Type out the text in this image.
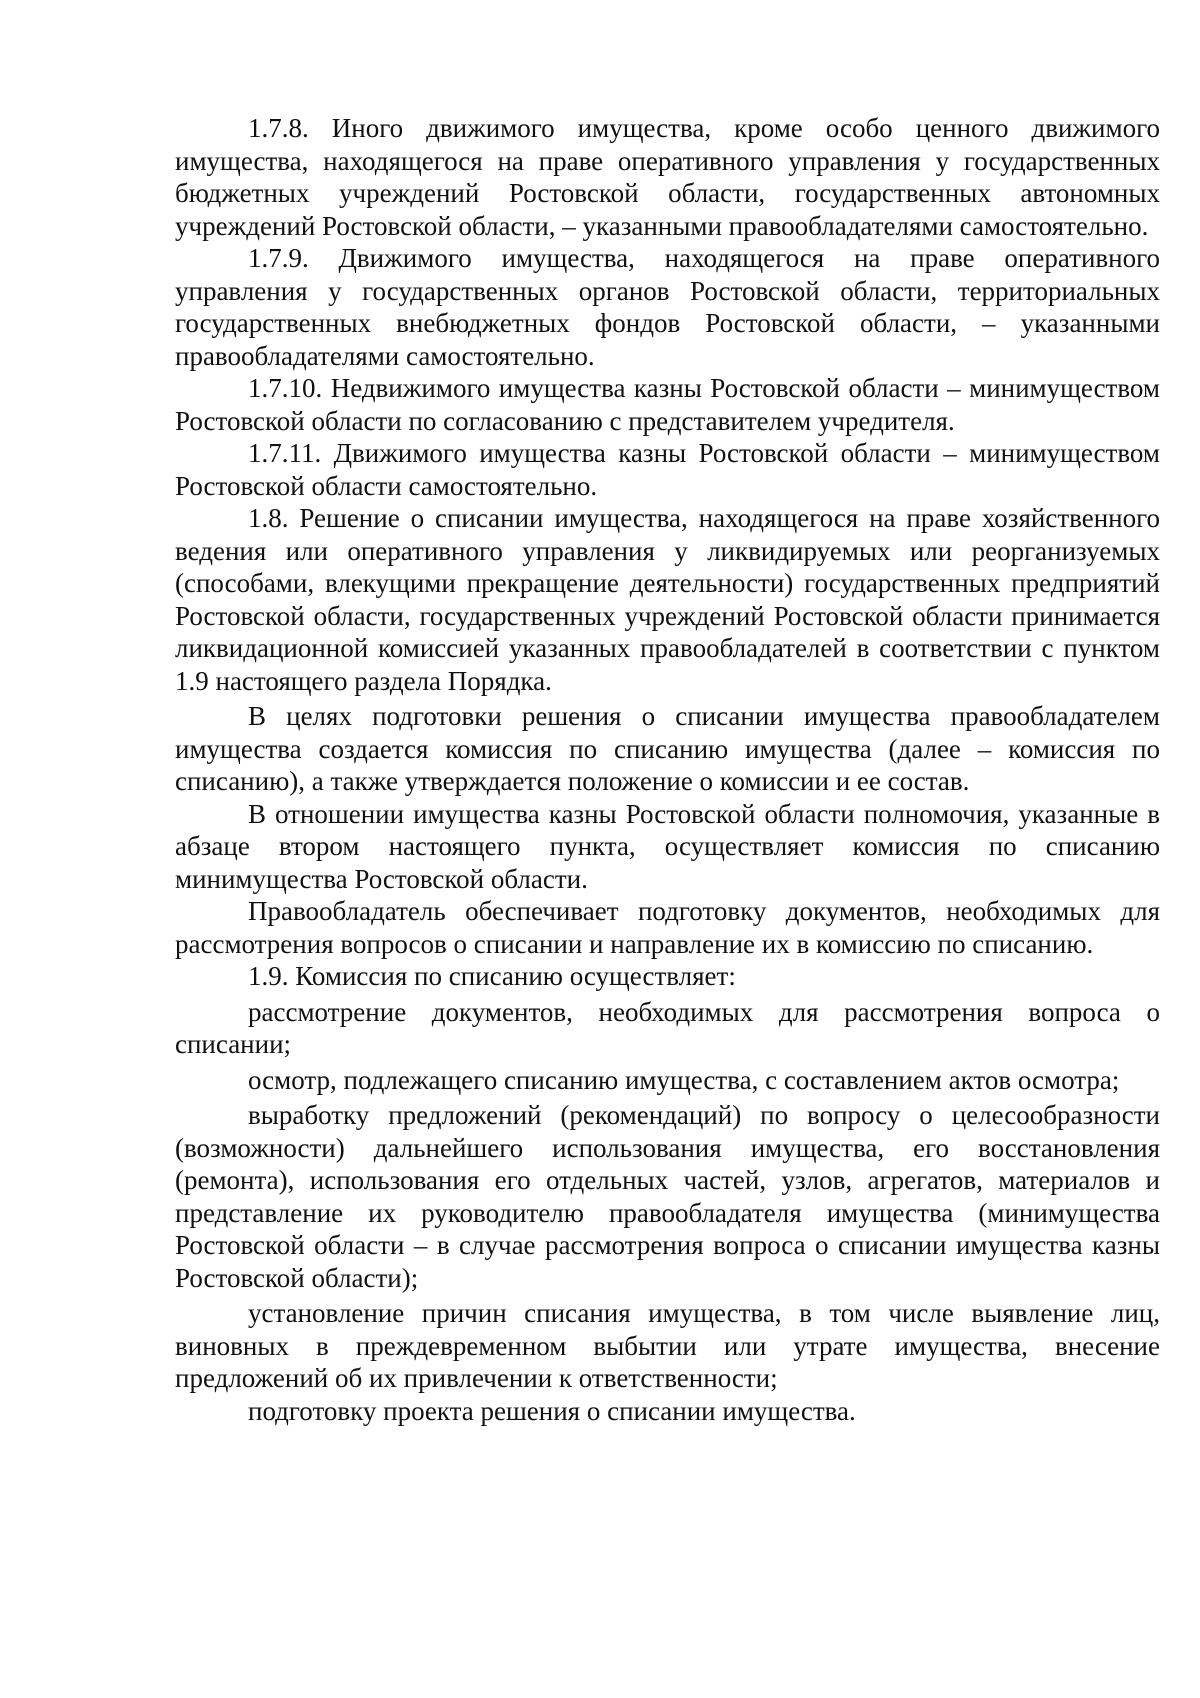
1.7.8. Иного движимого имущества, кроме особо ценного движимого имущества, находящегося на праве оперативного управления у государственных бюджетных учреждений Ростовской области, государственных автономных учреждений Ростовской области, – указанными правообладателями самостоятельно.

1.7.9. Движимого имущества, находящегося на праве оперативного управления у государственных органов Ростовской области, территориальных государственных внебюджетных фондов Ростовской области, – указанными правообладателями самостоятельно.

1.7.10. Недвижимого имущества казны Ростовской области – минимуществом Ростовской области по согласованию с представителем учредителя.

1.7.11. Движимого имущества казны Ростовской области – минимуществом Ростовской области самостоятельно.

1.8. Решение о списании имущества, находящегося на праве хозяйственного ведения или оперативного управления у ликвидируемых или реорганизуемых (способами, влекущими прекращение деятельности) государственных предприятий Ростовской области, государственных учреждений Ростовской области принимается ликвидационной комиссией указанных правообладателей в соответствии с пунктом 1.9 настоящего раздела Порядка.

В целях подготовки решения о списании имущества правообладателем имущества создается комиссия по списанию имущества (далее – комиссия по списанию), а также утверждается положение о комиссии и ее состав.

В отношении имущества казны Ростовской области полномочия, указанные в абзаце втором настоящего пункта, осуществляет комиссия по списанию минимущества Ростовской области.

Правообладатель обеспечивает подготовку документов, необходимых для рассмотрения вопросов о списании и направление их в комиссию по списанию.

1.9. Комиссия по списанию осуществляет:

рассмотрение документов, необходимых для рассмотрения вопроса о списании;

осмотр, подлежащего списанию имущества, с составлением актов осмотра;

выработку предложений (рекомендаций) по вопросу о целесообразности (возможности) дальнейшего использования имущества, его восстановления (ремонта), использования его отдельных частей, узлов, агрегатов, материалов и представление их руководителю правообладателя имущества (минимущества Ростовской области – в случае рассмотрения вопроса о списании имущества казны Ростовской области);

установление причин списания имущества, в том числе выявление лиц, виновных в преждевременном выбытии или утрате имущества, внесение предложений об их привлечении к ответственности;

подготовку проекта решения о списании имущества.
